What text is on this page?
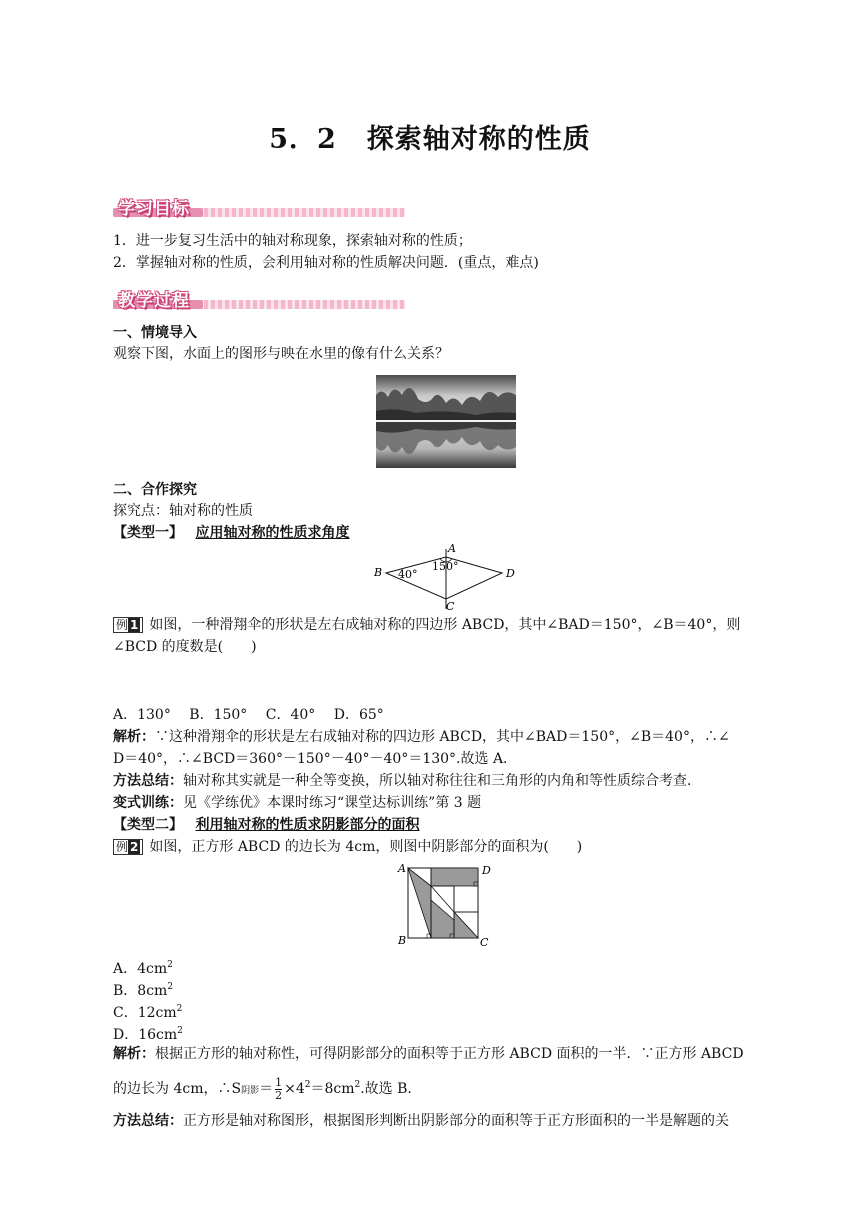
5．2 探索轴对称的性质
学习目标
1．进一步复习生活中的轴对称现象，探索轴对称的性质；
2．掌握轴对称的性质，会利用轴对称的性质解决问题．(重点，难点)
教学过程
一、情境导入
观察下图，水面上的图形与映在水里的像有什么关系？
二、合作探究
探究点：轴对称的性质
【类型一】 应用轴对称的性质求角度
A
B	D
C
40°
150°
例 1 如图，一种滑翔伞的形状是左右成轴对称的四边形 ABCD，其中∠BAD＝150°，∠B＝40°，则
∠BCD 的度数是(　　)
A．130°　 B．150°　 C．40°　 D．65°
解析：∵这种滑翔伞的形状是左右成轴对称的四边形 ABCD，其中∠BAD＝150°，∠B＝40°，∴∠
D＝40°，∴∠BCD＝360°－150°－40°－40°＝130°.故选 A.
方法总结：轴对称其实就是一种全等变换，所以轴对称往往和三角形的内角和等性质综合考查．
变式训练：见《学练优》本课时练习“课堂达标训练”第 3 题
【类型二】 利用轴对称的性质求阴影部分的面积
例 2 如图，正方形 ABCD 的边长为 4cm，则图中阴影部分的面积为(　　)
A	D
B	C
A．$4cm^2$
B．$8cm^2$
C．$12cm^2$
D．$16cm^2$
解析：根据正方形的轴对称性，可得阴影部分的面积等于正方形 ABCD 面积的一半．∵正方形 ABCD
的边长为 4cm，∴S阴影＝ $\frac{1}{2} \times 4^2=8cm^2$.故选 B.
方法总结：正方形是轴对称图形，根据图形判断出阴影部分的面积等于正方形面积的一半是解题的关
